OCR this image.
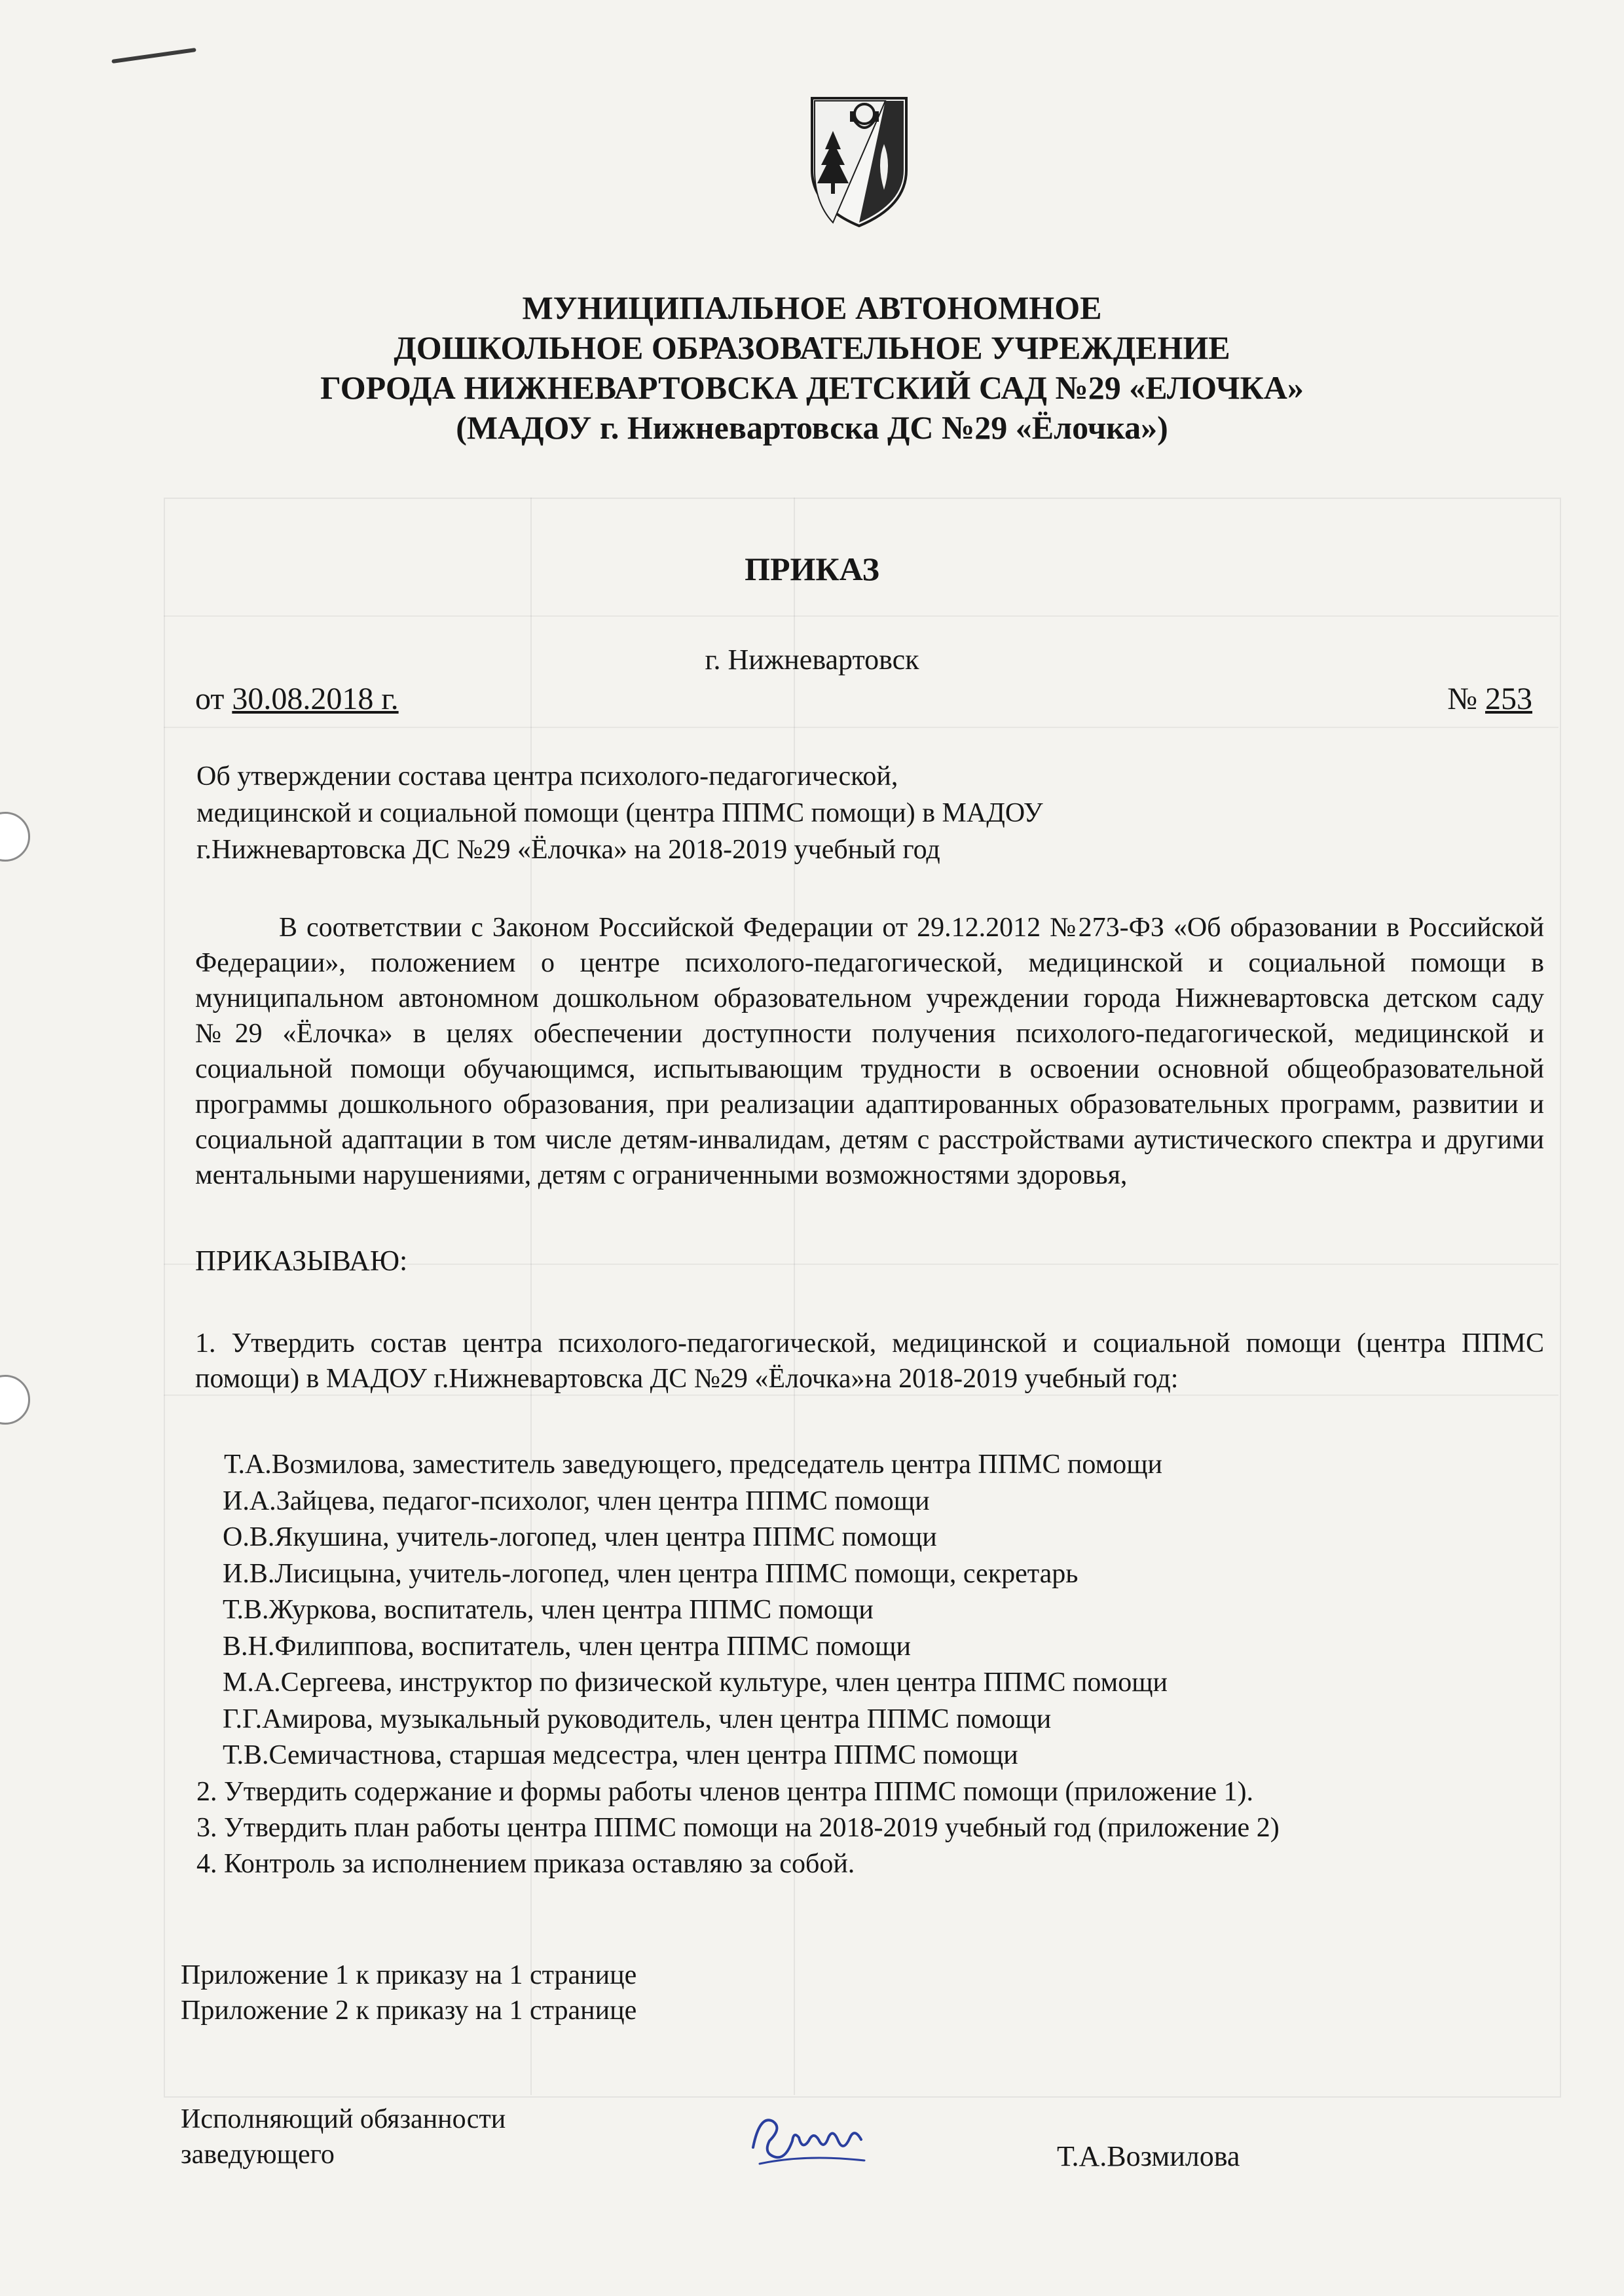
МУНИЦИПАЛЬНОЕ АВТОНОМНОЕ
ДОШКОЛЬНОЕ ОБРАЗОВАТЕЛЬНОЕ УЧРЕЖДЕНИЕ
ГОРОДА НИЖНЕВАРТОВСКА ДЕТСКИЙ САД №29 «ЕЛОЧКА»
(МАДОУ г. Нижневартовска ДС №29 «Ёлочка»)
ПРИКАЗ
г. Нижневартовск
от 30.08.2018 г.	№ 253
Об утверждении состава центра психолого-педагогической,
медицинской и социальной помощи (центра ППМС помощи) в МАДОУ
г.Нижневартовска ДС №29 «Ёлочка» на 2018-2019 учебный год
В соответствии с Законом Российской Федерации от 29.12.2012 №273-ФЗ «Об образовании в Российской Федерации», положением о центре психолого-педагогической, медицинской и социальной помощи в муниципальном автономном дошкольном образовательном учреждении города Нижневартовска детском саду №29 «Ёлочка» в целях обеспечении доступности получения психолого-педагогической, медицинской и социальной помощи обучающимся, испытывающим трудности в освоении основной общеобразовательной программы дошкольного образования, при реализации адаптированных образовательных программ, развитии и социальной адаптации в том числе детям-инвалидам, детям с расстройствами аутистического спектра и другими ментальными нарушениями, детям с ограниченными возможностями здоровья,
ПРИКАЗЫВАЮ:
1. Утвердить состав центра психолого-педагогической, медицинской и социальной помощи (центра ППМС помощи) в МАДОУ г.Нижневартовска ДС №29 «Ёлочка»на 2018-2019 учебный год:
Т.А.Возмилова, заместитель заведующего, председатель центра ППМС помощи
И.А.Зайцева, педагог-психолог, член центра ППМС помощи
О.В.Якушина, учитель-логопед, член центра ППМС помощи
И.В.Лисицына, учитель-логопед, член центра ППМС помощи, секретарь
Т.В.Журкова, воспитатель, член центра ППМС помощи
В.Н.Филиппова, воспитатель, член центра ППМС помощи
М.А.Сергеева, инструктор по физической культуре, член центра ППМС помощи
Г.Г.Амирова, музыкальный руководитель, член центра ППМС помощи
Т.В.Семичастнова, старшая медсестра, член центра ППМС помощи
2. Утвердить содержание и формы работы членов центра ППМС помощи (приложение 1).
3. Утвердить план работы центра ППМС помощи на 2018-2019 учебный год (приложение 2)
4. Контроль за исполнением приказа оставляю за собой.
Приложение 1 к приказу на 1 странице
Приложение 2 к приказу на 1 странице
Исполняющий обязанности
заведующего	Т.А.Возмилова
